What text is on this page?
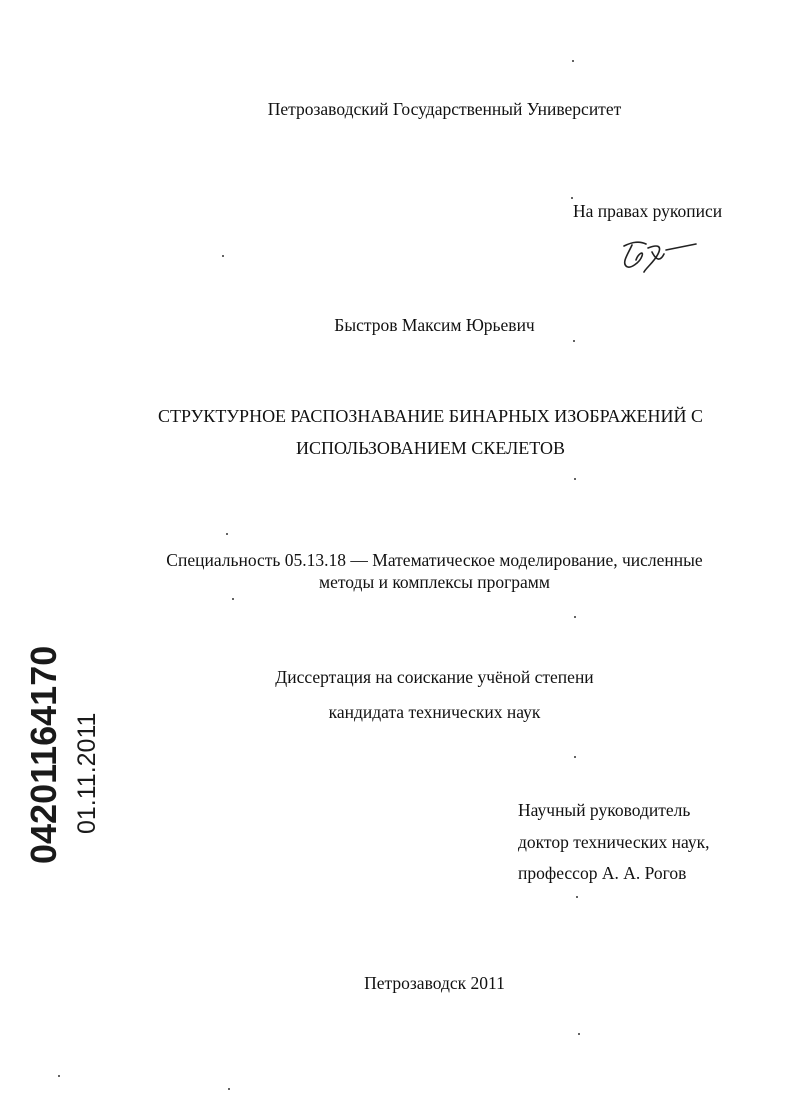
Петрозаводский Государственный Университет
На правах рукописи
Быстров Максим Юрьевич
СТРУКТУРНОЕ РАСПОЗНАВАНИЕ БИНАРНЫХ ИЗОБРАЖЕНИЙ С
ИСПОЛЬЗОВАНИЕМ СКЕЛЕТОВ
Специальность 05.13.18 — Математическое моделирование, численные
методы и комплексы программ
Диссертация на соискание учёной степени
кандидата технических наук
Научный руководитель
доктор технических наук,
профессор А. А. Рогов
Петрозаводск 2011
04201164170 01.11.2011
